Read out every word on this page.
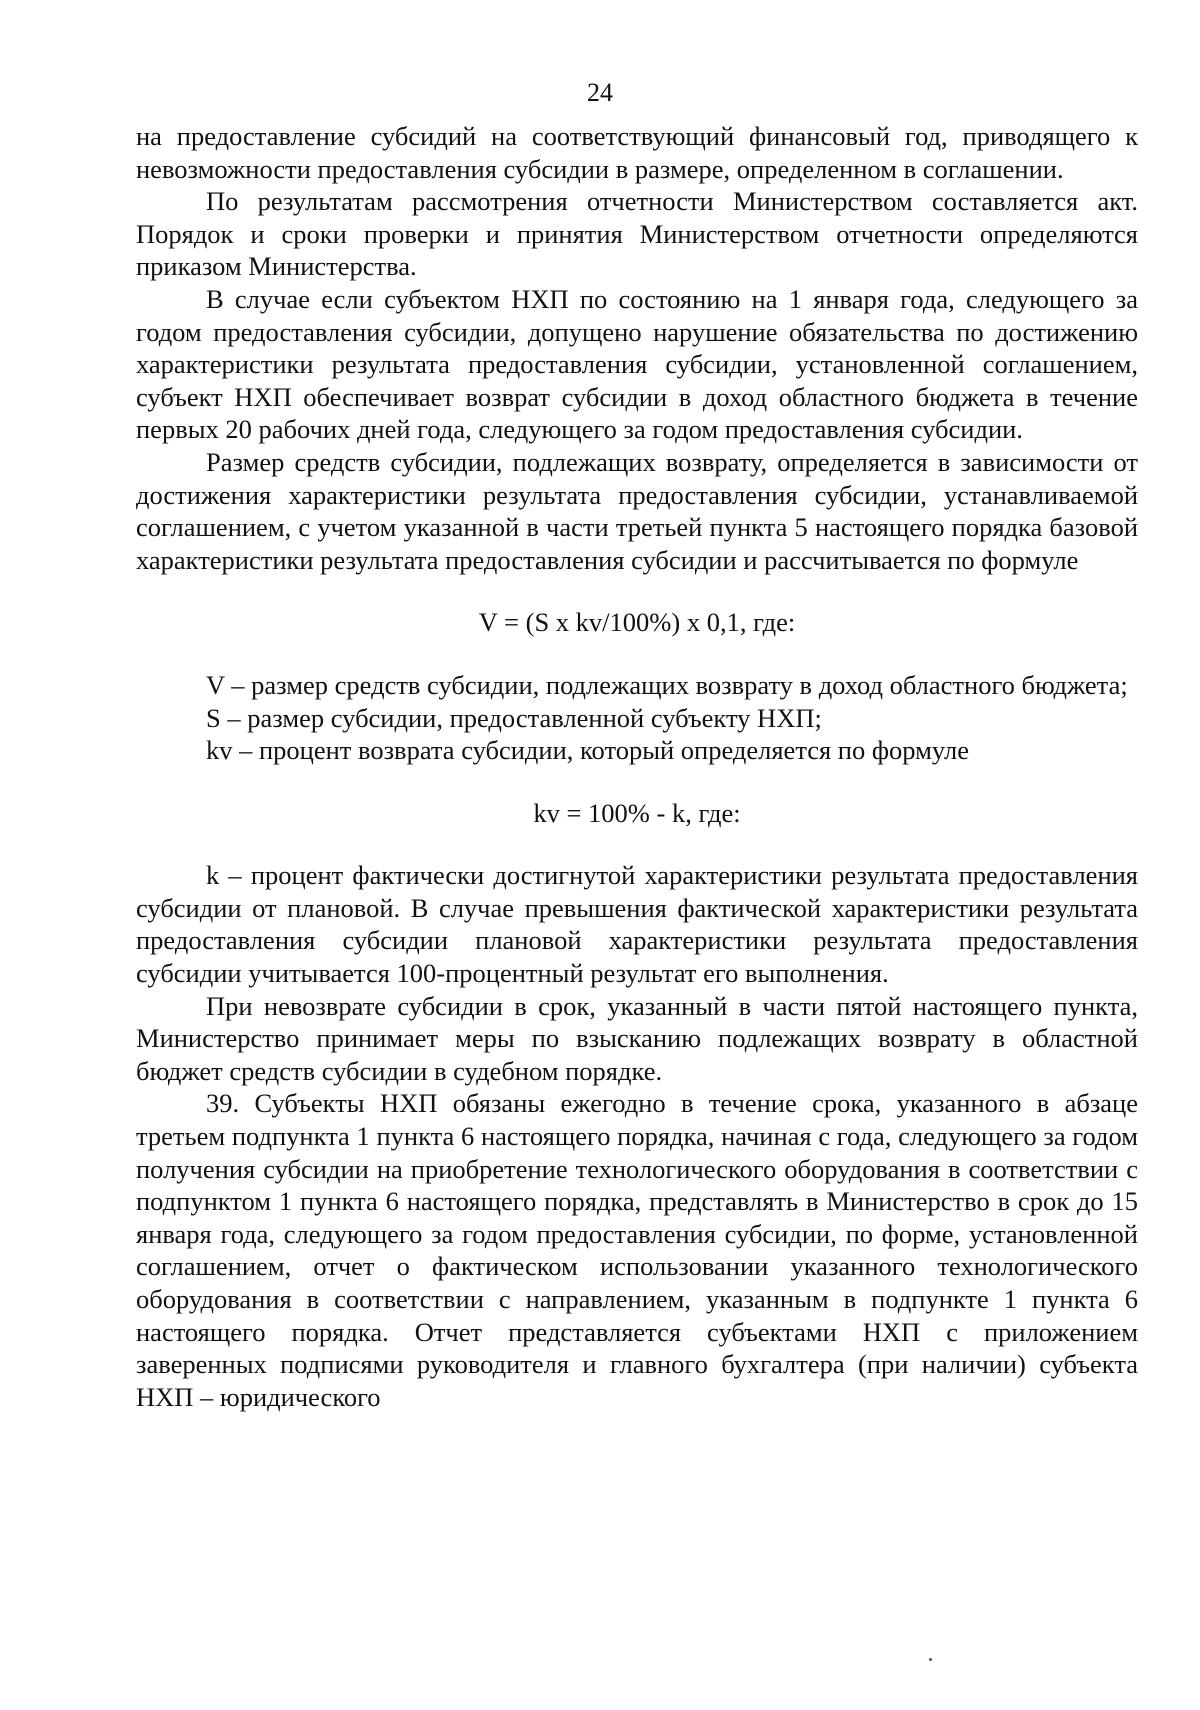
24

на предоставление субсидий на соответствующий финансовый год, приводящего к невозможности предоставления субсидии в размере, определенном в соглашении.

По результатам рассмотрения отчетности Министерством составляется акт. Порядок и сроки проверки и принятия Министерством отчетности определяются приказом Министерства.

В случае если субъектом НХП по состоянию на 1 января года, следующего за годом предоставления субсидии, допущено нарушение обязательства по достижению характеристики результата предоставления субсидии, установленной соглашением, субъект НХП обеспечивает возврат субсидии в доход областного бюджета в течение первых 20 рабочих дней года, следующего за годом предоставления субсидии.

Размер средств субсидии, подлежащих возврату, определяется в зависимости от достижения характеристики результата предоставления субсидии, устанавливаемой соглашением, с учетом указанной в части третьей пункта 5 настоящего порядка базовой характеристики результата предоставления субсидии и рассчитывается по формуле

V = (S x kv/100%) x 0,1, где:

V – размер средств субсидии, подлежащих возврату в доход областного бюджета;

S – размер субсидии, предоставленной субъекту НХП;

kv – процент возврата субсидии, который определяется по формуле

kv = 100% - k, где:

k – процент фактически достигнутой характеристики результата предоставления субсидии от плановой. В случае превышения фактической характеристики результата предоставления субсидии плановой характеристики результата предоставления субсидии учитывается 100-процентный результат его выполнения.

При невозврате субсидии в срок, указанный в части пятой настоящего пункта, Министерство принимает меры по взысканию подлежащих возврату в областной бюджет средств субсидии в судебном порядке.

39. Субъекты НХП обязаны ежегодно в течение срока, указанного в абзаце третьем подпункта 1 пункта 6 настоящего порядка, начиная с года, следующего за годом получения субсидии на приобретение технологического оборудования в соответствии с подпунктом 1 пункта 6 настоящего порядка, представлять в Министерство в срок до 15 января года, следующего за годом предоставления субсидии, по форме, установленной соглашением, отчет о фактическом использовании указанного технологического оборудования в соответствии с направлением, указанным в подпункте 1 пункта 6 настоящего порядка. Отчет представляется субъектами НХП с приложением заверенных подписями руководителя и главного бухгалтера (при наличии) субъекта НХП – юридического
